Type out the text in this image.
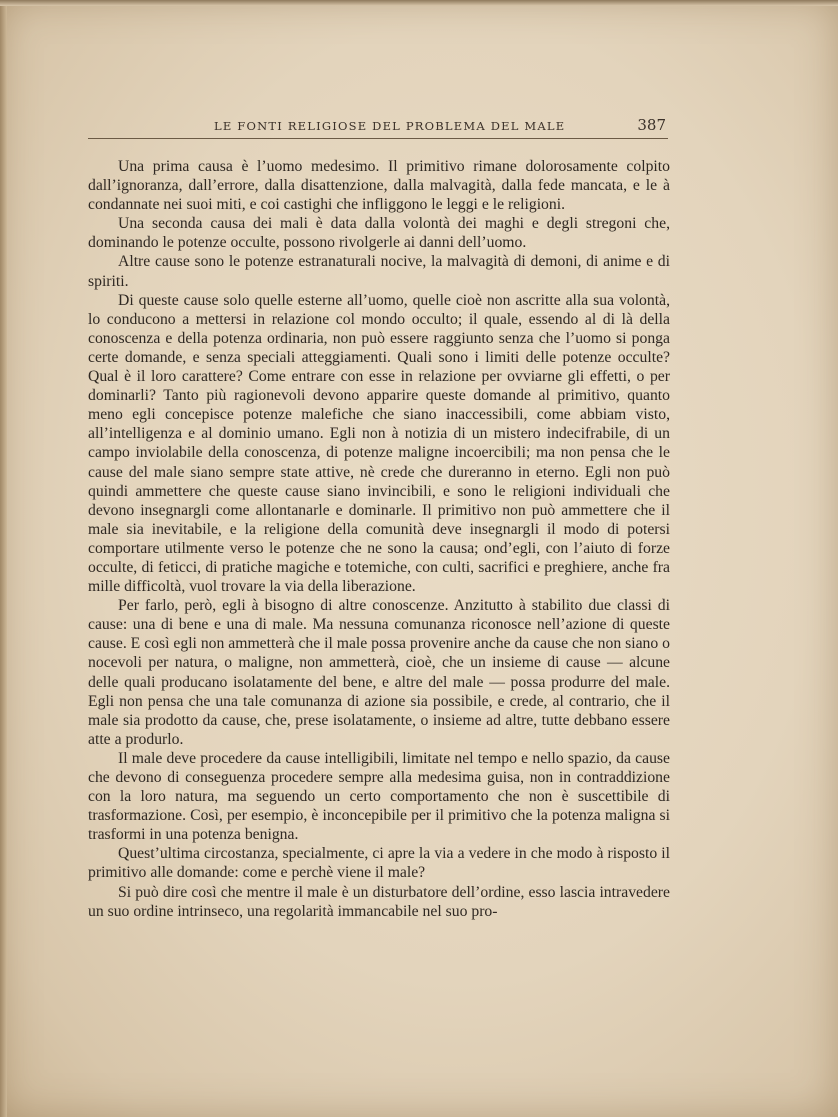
LE FONTI RELIGIOSE DEL PROBLEMA DEL MALE	387

Una prima causa è l’uomo medesimo. Il primitivo rimane dolorosamente colpito dall’ignoranza, dall’errore, dalla disattenzione, dalla malvagità, dalla fede mancata, e le à condannate nei suoi miti, e coi castighi che infliggono le leggi e le religioni.

Una seconda causa dei mali è data dalla volontà dei maghi e degli stregoni che, dominando le potenze occulte, possono rivolgerle ai danni dell’uomo.

Altre cause sono le potenze estranaturali nocive, la malvagità di demoni, di anime e di spiriti.

Di queste cause solo quelle esterne all’uomo, quelle cioè non ascritte alla sua volontà, lo conducono a mettersi in relazione col mondo occulto; il quale, essendo al di là della conoscenza e della potenza ordinaria, non può essere raggiunto senza che l’uomo si ponga certe domande, e senza speciali atteggiamenti. Quali sono i limiti delle potenze occulte? Qual è il loro carattere? Come entrare con esse in relazione per ovviarne gli effetti, o per dominarli? Tanto più ragionevoli devono apparire queste domande al primitivo, quanto meno egli concepisce potenze malefiche che siano inaccessibili, come abbiam visto, all’intelligenza e al dominio umano. Egli non à notizia di un mistero indecifrabile, di un campo inviolabile della conoscenza, di potenze maligne incoercibili; ma non pensa che le cause del male siano sempre state attive, nè crede che dureranno in eterno. Egli non può quindi ammettere che queste cause siano invincibili, e sono le religioni individuali che devono insegnargli come allontanarle e dominarle. Il primitivo non può ammettere che il male sia inevitabile, e la religione della comunità deve insegnargli il modo di potersi comportare utilmente verso le potenze che ne sono la causa; ond’egli, con l’aiuto di forze occulte, di feticci, di pratiche magiche e totemiche, con culti, sacrifici e preghiere, anche fra mille difficoltà, vuol trovare la via della liberazione.

Per farlo, però, egli à bisogno di altre conoscenze. Anzitutto à stabilito due classi di cause: una di bene e una di male. Ma nessuna comunanza riconosce nell’azione di queste cause. E così egli non ammetterà che il male possa provenire anche da cause che non siano o nocevoli per natura, o maligne, non ammetterà, cioè, che un insieme di cause — alcune delle quali producano isolatamente del bene, e altre del male — possa produrre del male. Egli non pensa che una tale comunanza di azione sia possibile, e crede, al contrario, che il male sia prodotto da cause, che, prese isolatamente, o insieme ad altre, tutte debbano essere atte a produrlo.

Il male deve procedere da cause intelligibili, limitate nel tempo e nello spazio, da cause che devono di conseguenza procedere sempre alla medesima guisa, non in contraddizione con la loro natura, ma seguendo un certo comportamento che non è suscettibile di trasformazione. Così, per esempio, è inconcepibile per il primitivo che la potenza maligna si trasformi in una potenza benigna.

Quest’ultima circostanza, specialmente, ci apre la via a vedere in che modo à risposto il primitivo alle domande: come e perchè viene il male?

Si può dire così che mentre il male è un disturbatore dell’ordine, esso lascia intravedere un suo ordine intrinseco, una regolarità immancabile nel suo pro-
